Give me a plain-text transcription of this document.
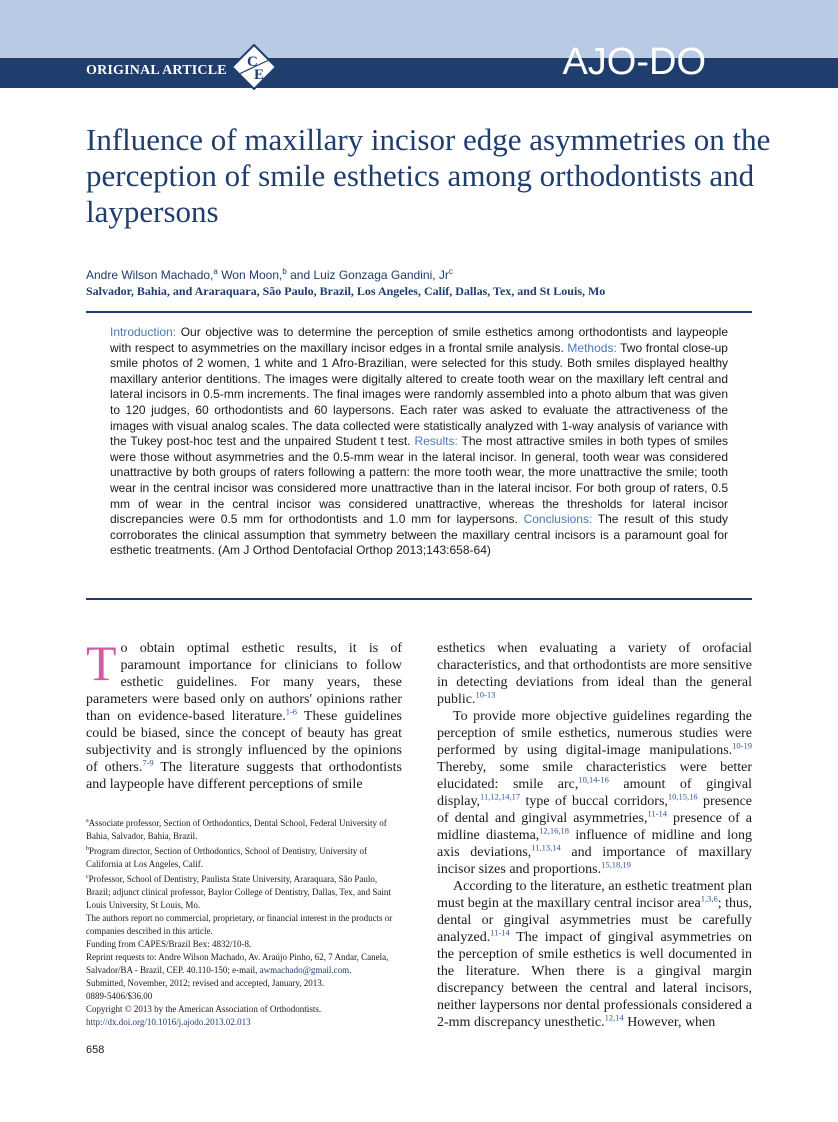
ORIGINAL ARTICLE
C
E	AJO-DO
Influence of maxillary incisor edge asymmetries on the perception of smile esthetics among orthodontists and laypersons
Andre Wilson Machado,$^a$ Won Moon,$^b$ and Luiz Gonzaga Gandini, Jr$^c$
Salvador, Bahia, and Araraquara, São Paulo, Brazil, Los Angeles, Calif, Dallas, Tex, and St Louis, Mo
Introduction: Our objective was to determine the perception of smile esthetics among orthodontists and laypeople with respect to asymmetries on the maxillary incisor edges in a frontal smile analysis. Methods: Two frontal close-up smile photos of 2 women, 1 white and 1 Afro-Brazilian, were selected for this study. Both smiles displayed healthy maxillary anterior dentitions. The images were digitally altered to create tooth wear on the maxillary left central and lateral incisors in 0.5-mm increments. The final images were randomly assembled into a photo album that was given to 120 judges, 60 orthodontists and 60 laypersons. Each rater was asked to evaluate the attractiveness of the images with visual analog scales. The data collected were statistically analyzed with 1-way analysis of variance with the Tukey post-hoc test and the unpaired Student t test. Results: The most attractive smiles in both types of smiles were those without asymmetries and the 0.5-mm wear in the lateral incisor. In general, tooth wear was considered unattractive by both groups of raters following a pattern: the more tooth wear, the more unattractive the smile; tooth wear in the central incisor was considered more unattractive than in the lateral incisor. For both group of raters, 0.5 mm of wear in the central incisor was considered unattractive, whereas the thresholds for lateral incisor discrepancies were 0.5 mm for orthodontists and 1.0 mm for laypersons. Conclusions: The result of this study corroborates the clinical assumption that symmetry between the maxillary central incisors is a paramount goal for esthetic treatments. (Am J Orthod Dentofacial Orthop 2013;143:658-64)

To obtain optimal esthetic results, it is of paramount importance for clinicians to follow esthetic guidelines. For many years, these parameters were based only on authors' opinions rather than on evidence-based literature.$^{1-6}$ These guidelines could be biased, since the concept of beauty has great subjectivity and is strongly influenced by the opinions of others.$^{7-9}$ The literature suggests that orthodontists and laypeople have different perceptions of smile

$^a$Associate professor, Section of Orthodontics, Dental School, Federal University of Bahia, Salvador, Bahia, Brazil.

$^b$Program director, Section of Orthodontics, School of Dentistry, University of California at Los Angeles, Calif.

$^c$Professor, School of Dentistry, Paulista State University, Araraquara, São Paulo, Brazil; adjunct clinical professor, Baylor College of Dentistry, Dallas, Tex, and Saint Louis University, St Louis, Mo.

The authors report no commercial, proprietary, or financial interest in the products or companies described in this article.

Funding from CAPES/Brazil Bex: 4832/10-8.

Reprint requests to: Andre Wilson Machado, Av. Araújo Pinho, 62, 7 Andar, Canela, Salvador/BA - Brazil, CEP. 40.110-150; e-mail, awmachado@gmail.com.

Submitted, November, 2012; revised and accepted, January, 2013.

0889-5406/$36.00

Copyright © 2013 by the American Association of Orthodontists.

http://dx.doi.org/10.1016/j.ajodo.2013.02.013

esthetics when evaluating a variety of orofacial characteristics, and that orthodontists are more sensitive in detecting deviations from ideal than the general public.$^{10-13}$

To provide more objective guidelines regarding the perception of smile esthetics, numerous studies were performed by using digital-image manipulations.$^{10-19}$ Thereby, some smile characteristics were better elucidated: smile arc,$^{10,14-16}$ amount of gingival display,$^{11,12,14,17}$ type of buccal corridors,$^{10,15,16}$ presence of dental and gingival asymmetries,$^{11-14}$ presence of a midline diastema,$^{12,16,18}$ influence of midline and long axis deviations,$^{11,13,14}$ and importance of maxillary incisor sizes and proportions.$^{15,18,19}$

According to the literature, an esthetic treatment plan must begin at the maxillary central incisor area$^{1,3,6}$; thus, dental or gingival asymmetries must be carefully analyzed.$^{11-14}$ The impact of gingival asymmetries on the perception of smile esthetics is well documented in the literature. When there is a gingival margin discrepancy between the central and lateral incisors, neither laypersons nor dental professionals considered a 2-mm discrepancy unesthetic.$^{12,14}$ However, when

658
